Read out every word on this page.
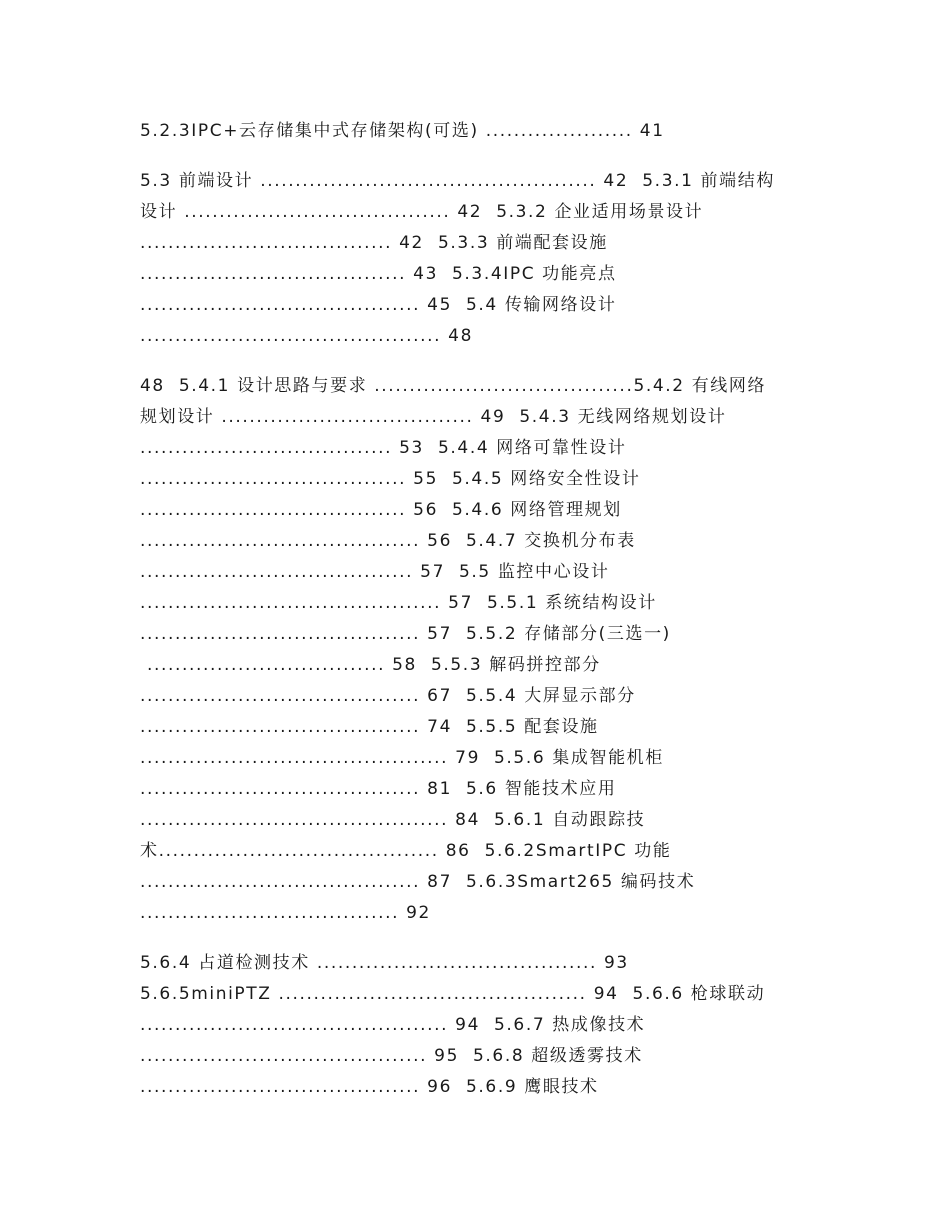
5.2.3IPC+云存储集中式存储架构(可选) ..................... 41
5.3 前端设计 ................................................ 42  5.3.1 前端结构
设计 ...................................... 42  5.3.2 企业适用场景设计
.................................... 42  5.3.3 前端配套设施
...................................... 43  5.3.4IPC 功能亮点
........................................ 45  5.4 传输网络设计
........................................... 48
48  5.4.1 设计思路与要求 .....................................5.4.2 有线网络
规划设计 .................................... 49  5.4.3 无线网络规划设计
.................................... 53  5.4.4 网络可靠性设计
...................................... 55  5.4.5 网络安全性设计
...................................... 56  5.4.6 网络管理规划
........................................ 56  5.4.7 交换机分布表
....................................... 57  5.5 监控中心设计
........................................... 57  5.5.1 系统结构设计
........................................ 57  5.5.2 存储部分(三选一)
.................................. 58  5.5.3 解码拼控部分
........................................ 67  5.5.4 大屏显示部分
........................................ 74  5.5.5 配套设施
............................................ 79  5.5.6 集成智能机柜
........................................ 81  5.6 智能技术应用
............................................ 84  5.6.1 自动跟踪技
术........................................ 86  5.6.2SmartIPC 功能
........................................ 87  5.6.3Smart265 编码技术
..................................... 92
5.6.4 占道检测技术 ........................................ 93
5.6.5miniPTZ ............................................ 94  5.6.6 枪球联动
............................................ 94  5.6.7 热成像技术
......................................... 95  5.6.8 超级透雾技术
........................................ 96  5.6.9 鹰眼技术
